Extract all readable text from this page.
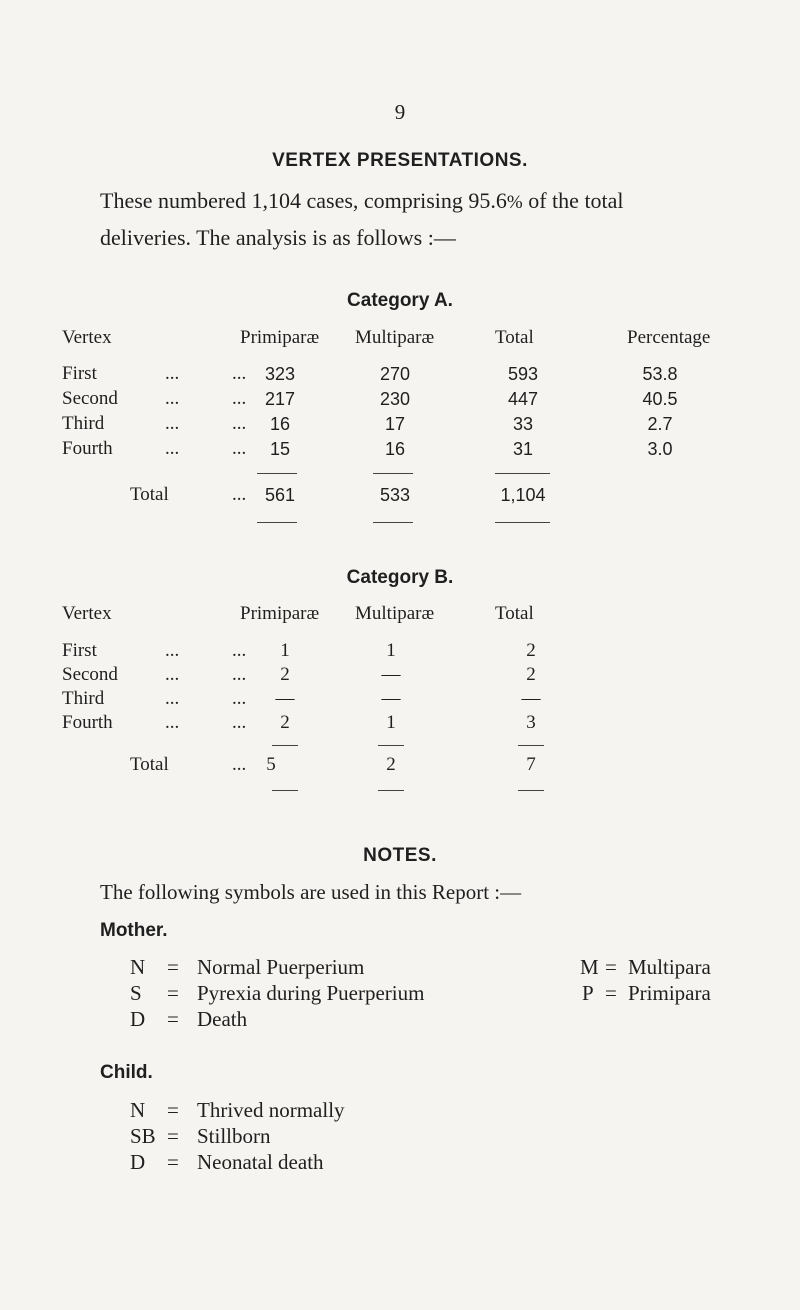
9
VERTEX PRESENTATIONS.

These numbered 1,104 cases, comprising 95.6% of the total

deliveries. The analysis is as follows :—

Category A.
Vertex	Primiparæ Multiparæ	Total	Percentage
First	...	...	323	270	593	53.8
Second ...	...	217	230	447	40.5
Third	...	...	16	17	33	2.7
Fourth	...	...	15	16	31	3.0
Total	...	561	533	1,104
Category B.
Vertex	Primiparæ Multiparæ	Total
First	...	...	1	1	2
Second ...	...	2	—	2
Third	...	... —	—	—
Fourth	...	...	2	1	3
Total	...	5	2	7
NOTES.
The following symbols are used in this Report :—
Mother.
N = Normal Puerperium
S = Pyrexia during Puerperium
D = Death
M = Multipara
P = Primipara
Child.
N = Thrived normally
SB = Stillborn
D = Neonatal death
